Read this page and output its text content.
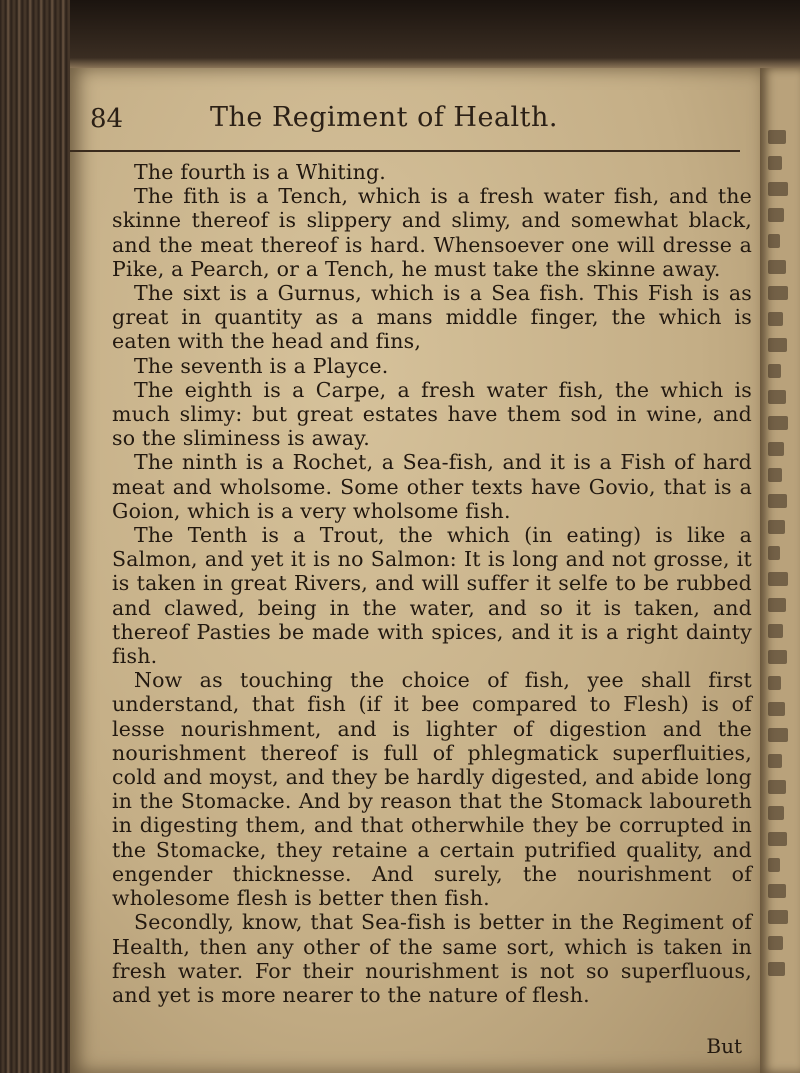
84	The Regiment of Health.

The fourth is a Whiting.

The fith is a Tench, which is a fresh water fish, and the skinne thereof is slippery and slimy, and somewhat black, and the meat thereof is hard. Whensoever one will dresse a Pike, a Pearch, or a Tench, he must take the skinne away.

The sixt is a Gurnus, which is a Sea fish. This Fish is as great in quantity as a mans middle finger, the which is eaten with the head and fins,

The seventh is a Playce.

The eighth is a Carpe, a fresh water fish, the which is much slimy: but great estates have them sod in wine, and so the sliminess is away.

The ninth is a Rochet, a Sea-fish, and it is a Fish of hard meat and wholsome. Some other texts have Govio, that is a Goion, which is a very wholsome fish.

The Tenth is a Trout, the which (in eating) is like a Salmon, and yet it is no Salmon: It is long and not grosse, it is taken in great Rivers, and will suffer it selfe to be rubbed and clawed, being in the water, and so it is taken, and thereof Pasties be made with spices, and it is a right dainty fish.

Now as touching the choice of fish, yee shall first understand, that fish (if it bee compared to Flesh) is of lesse nourishment, and is lighter of digestion and the nourishment thereof is full of phlegmatick superfluities, cold and moyst, and they be hardly digested, and abide long in the Stomacke. And by reason that the Stomack laboureth in digesting them, and that otherwhile they be corrupted in the Stomacke, they retaine a certain putrified quality, and engender thicknesse. And surely, the nourishment of wholesome flesh is better then fish.

Secondly, know, that Sea-fish is better in the Regiment of Health, then any other of the same sort, which is taken in fresh water. For their nourishment is not so superfluous, and yet is more nearer to the nature of flesh.

But
